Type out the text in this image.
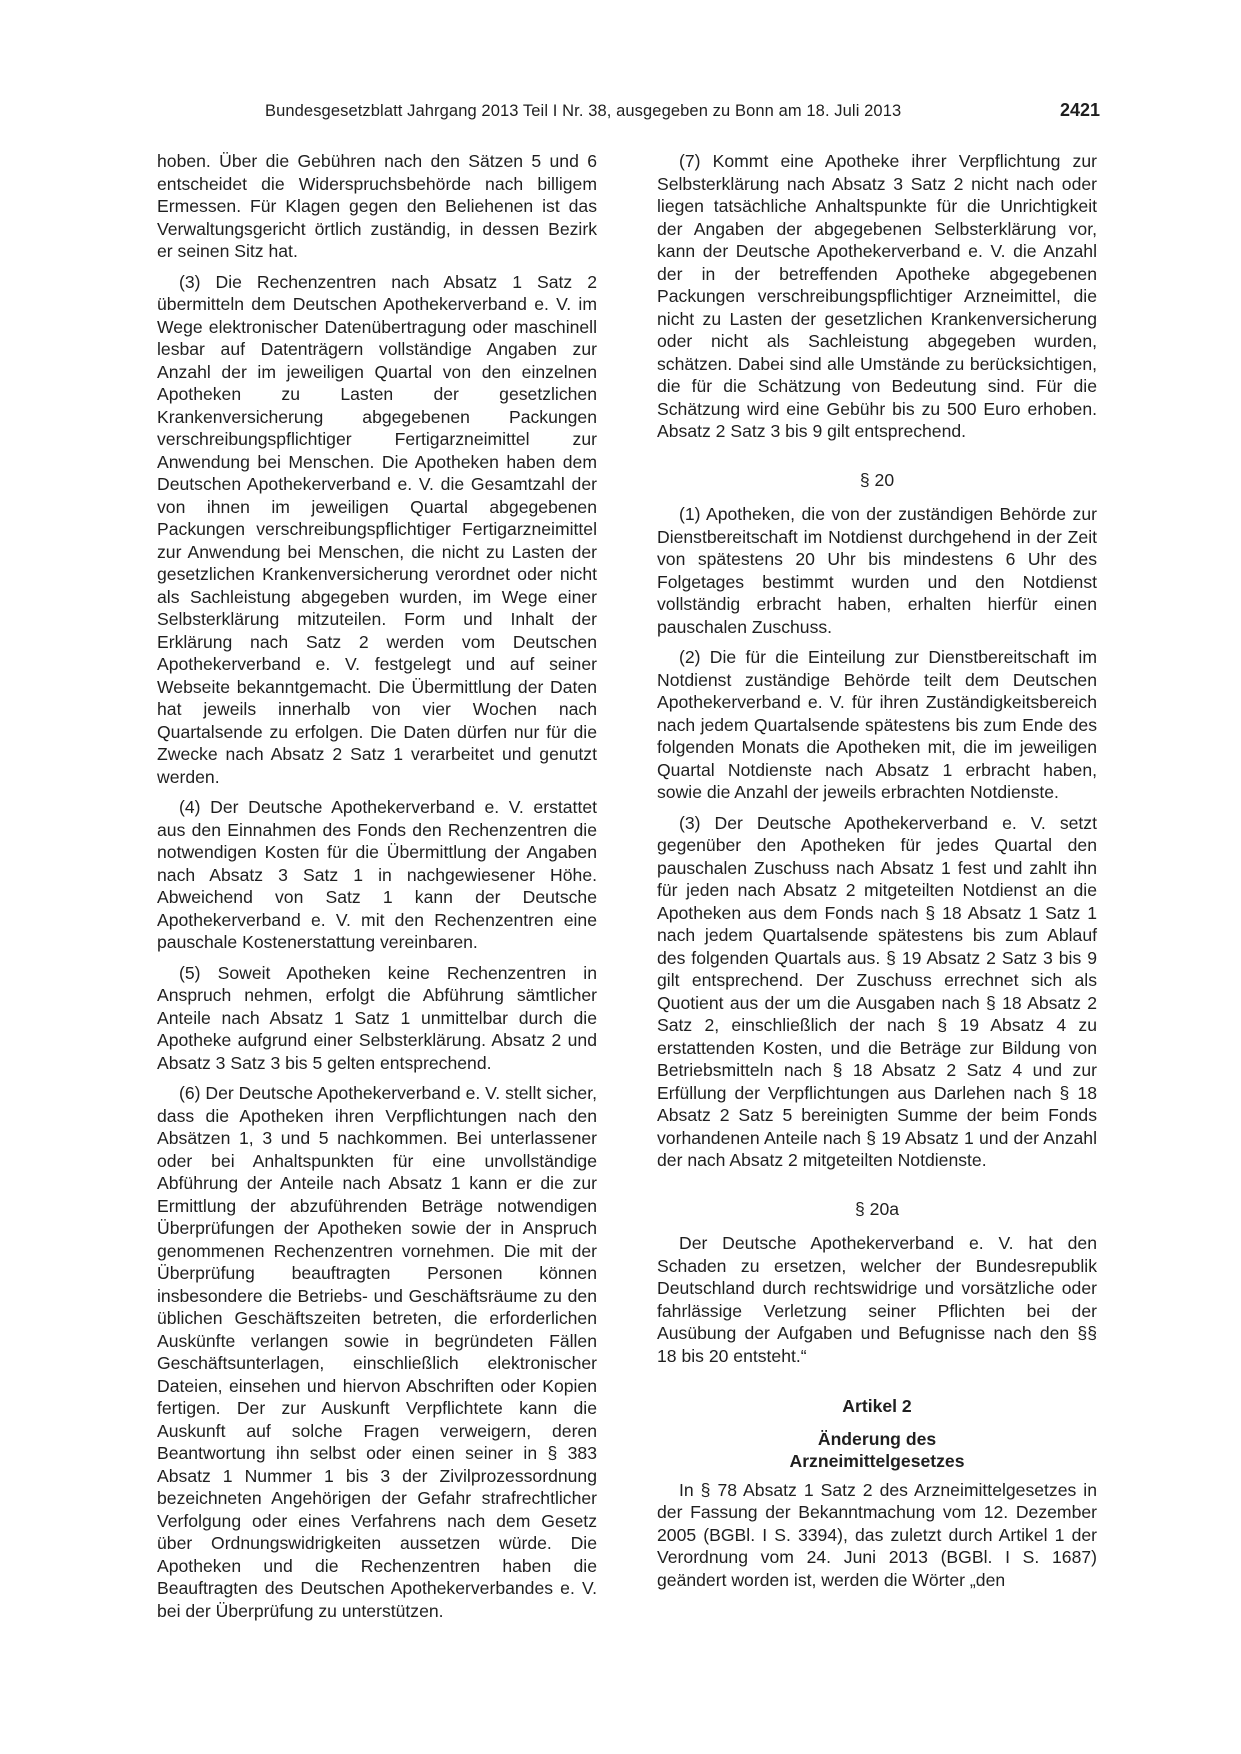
Bundesgesetzblatt Jahrgang 2013 Teil I Nr. 38, ausgegeben zu Bonn am 18. Juli 2013	2421

hoben. Über die Gebühren nach den Sätzen 5 und 6 entscheidet die Widerspruchsbehörde nach billigem Ermessen. Für Klagen gegen den Beliehenen ist das Verwaltungsgericht örtlich zuständig, in dessen Bezirk er seinen Sitz hat.

(3) Die Rechenzentren nach Absatz 1 Satz 2 übermitteln dem Deutschen Apothekerverband e. V. im Wege elektronischer Datenübertragung oder maschinell lesbar auf Datenträgern vollständige Angaben zur Anzahl der im jeweiligen Quartal von den einzelnen Apotheken zu Lasten der gesetzlichen Krankenversicherung abgegebenen Packungen verschreibungspflichtiger Fertigarzneimittel zur Anwendung bei Menschen. Die Apotheken haben dem Deutschen Apothekerverband e. V. die Gesamtzahl der von ihnen im jeweiligen Quartal abgegebenen Packungen verschreibungspflichtiger Fertigarzneimittel zur Anwendung bei Menschen, die nicht zu Lasten der gesetzlichen Krankenversicherung verordnet oder nicht als Sachleistung abgegeben wurden, im Wege einer Selbsterklärung mitzuteilen. Form und Inhalt der Erklärung nach Satz 2 werden vom Deutschen Apothekerverband e. V. festgelegt und auf seiner Webseite bekanntgemacht. Die Übermittlung der Daten hat jeweils innerhalb von vier Wochen nach Quartalsende zu erfolgen. Die Daten dürfen nur für die Zwecke nach Absatz 2 Satz 1 verarbeitet und genutzt werden.

(4) Der Deutsche Apothekerverband e. V. erstattet aus den Einnahmen des Fonds den Rechenzentren die notwendigen Kosten für die Übermittlung der Angaben nach Absatz 3 Satz 1 in nachgewiesener Höhe. Abweichend von Satz 1 kann der Deutsche Apothekerverband e. V. mit den Rechenzentren eine pauschale Kostenerstattung vereinbaren.

(5) Soweit Apotheken keine Rechenzentren in Anspruch nehmen, erfolgt die Abführung sämtlicher Anteile nach Absatz 1 Satz 1 unmittelbar durch die Apotheke aufgrund einer Selbsterklärung. Absatz 2 und Absatz 3 Satz 3 bis 5 gelten entsprechend.

(6) Der Deutsche Apothekerverband e. V. stellt sicher, dass die Apotheken ihren Verpflichtungen nach den Absätzen 1, 3 und 5 nachkommen. Bei unterlassener oder bei Anhaltspunkten für eine unvollständige Abführung der Anteile nach Absatz 1 kann er die zur Ermittlung der abzuführenden Beträge notwendigen Überprüfungen der Apotheken sowie der in Anspruch genommenen Rechenzentren vornehmen. Die mit der Überprüfung beauftragten Personen können insbesondere die Betriebs- und Geschäftsräume zu den üblichen Geschäftszeiten betreten, die erforderlichen Auskünfte verlangen sowie in begründeten Fällen Geschäftsunterlagen, einschließlich elektronischer Dateien, einsehen und hiervon Abschriften oder Kopien fertigen. Der zur Auskunft Verpflichtete kann die Auskunft auf solche Fragen verweigern, deren Beantwortung ihn selbst oder einen seiner in § 383 Absatz 1 Nummer 1 bis 3 der Zivilprozessordnung bezeichneten Angehörigen der Gefahr strafrechtlicher Verfolgung oder eines Verfahrens nach dem Gesetz über Ordnungswidrigkeiten aussetzen würde. Die Apotheken und die Rechenzentren haben die Beauftragten des Deutschen Apothekerverbandes e. V. bei der Überprüfung zu unterstützen.

(7) Kommt eine Apotheke ihrer Verpflichtung zur Selbsterklärung nach Absatz 3 Satz 2 nicht nach oder liegen tatsächliche Anhaltspunkte für die Unrichtigkeit der Angaben der abgegebenen Selbsterklärung vor, kann der Deutsche Apothekerverband e. V. die Anzahl der in der betreffenden Apotheke abgegebenen Packungen verschreibungspflichtiger Arzneimittel, die nicht zu Lasten der gesetzlichen Krankenversicherung oder nicht als Sachleistung abgegeben wurden, schätzen. Dabei sind alle Umstände zu berücksichtigen, die für die Schätzung von Bedeutung sind. Für die Schätzung wird eine Gebühr bis zu 500 Euro erhoben. Absatz 2 Satz 3 bis 9 gilt entsprechend.

§ 20

(1) Apotheken, die von der zuständigen Behörde zur Dienstbereitschaft im Notdienst durchgehend in der Zeit von spätestens 20 Uhr bis mindestens 6 Uhr des Folgetages bestimmt wurden und den Notdienst vollständig erbracht haben, erhalten hierfür einen pauschalen Zuschuss.

(2) Die für die Einteilung zur Dienstbereitschaft im Notdienst zuständige Behörde teilt dem Deutschen Apothekerverband e. V. für ihren Zuständigkeitsbereich nach jedem Quartalsende spätestens bis zum Ende des folgenden Monats die Apotheken mit, die im jeweiligen Quartal Notdienste nach Absatz 1 erbracht haben, sowie die Anzahl der jeweils erbrachten Notdienste.

(3) Der Deutsche Apothekerverband e. V. setzt gegenüber den Apotheken für jedes Quartal den pauschalen Zuschuss nach Absatz 1 fest und zahlt ihn für jeden nach Absatz 2 mitgeteilten Notdienst an die Apotheken aus dem Fonds nach § 18 Absatz 1 Satz 1 nach jedem Quartalsende spätestens bis zum Ablauf des folgenden Quartals aus. § 19 Absatz 2 Satz 3 bis 9 gilt entsprechend. Der Zuschuss errechnet sich als Quotient aus der um die Ausgaben nach § 18 Absatz 2 Satz 2, einschließlich der nach § 19 Absatz 4 zu erstattenden Kosten, und die Beträge zur Bildung von Betriebsmitteln nach § 18 Absatz 2 Satz 4 und zur Erfüllung der Verpflichtungen aus Darlehen nach § 18 Absatz 2 Satz 5 bereinigten Summe der beim Fonds vorhandenen Anteile nach § 19 Absatz 1 und der Anzahl der nach Absatz 2 mitgeteilten Notdienste.

§ 20a

Der Deutsche Apothekerverband e. V. hat den Schaden zu ersetzen, welcher der Bundesrepublik Deutschland durch rechtswidrige und vorsätzliche oder fahrlässige Verletzung seiner Pflichten bei der Ausübung der Aufgaben und Befugnisse nach den §§ 18 bis 20 entsteht.“

Artikel 2
Änderung des
Arzneimittelgesetzes

In § 78 Absatz 1 Satz 2 des Arzneimittelgesetzes in der Fassung der Bekanntmachung vom 12. Dezember 2005 (BGBl. I S. 3394), das zuletzt durch Artikel 1 der Verordnung vom 24. Juni 2013 (BGBl. I S. 1687) geändert worden ist, werden die Wörter „den
